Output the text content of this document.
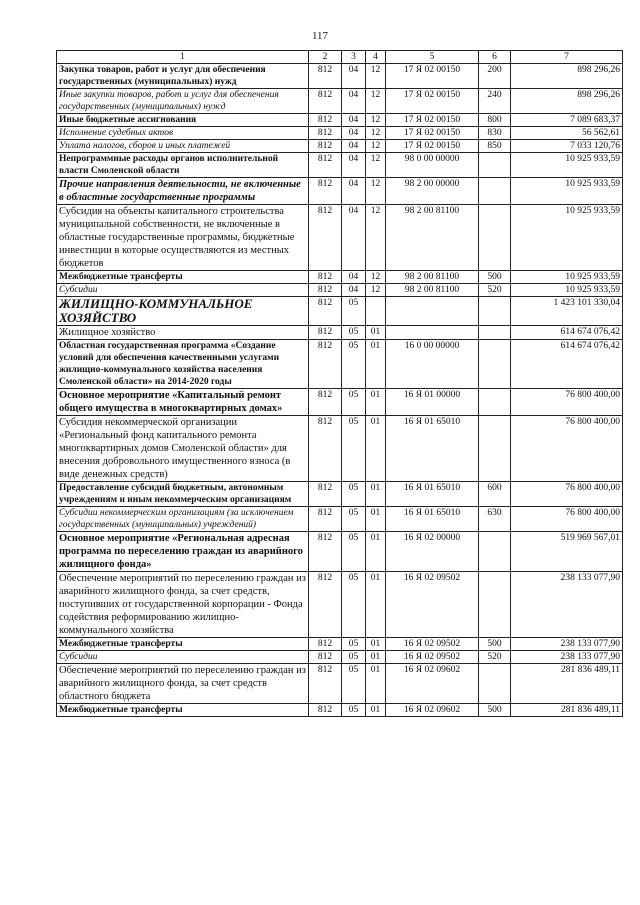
117
1	2	3	4	5	6	7
Закупка товаров, работ и услуг для обеспечения государственных (муниципальных) нужд	812	04	12	17 Я 02 00150	200	898 296,26
Иные закупки товаров, работ и услуг для обеспечения государственных (муниципальных) нужд	812	04	12	17 Я 02 00150	240	898 296,26
Иные бюджетные ассигнования	812	04	12	17 Я 02 00150	800	7 089 683,37
Исполнение судебных актов	812	04	12	17 Я 02 00150	830	56 562,61
Уплата налогов, сборов и иных платежей	812	04	12	17 Я 02 00150	850	7 033 120,76
Непрограммные расходы органов исполнительной власти Смоленской области	812	04	12	98 0 00 00000		10 925 933,59
Прочие направления деятельности, не включенные в областные государственные программы	812	04	12	98 2 00 00000		10 925 933,59
Субсидия на объекты капитального строительства муниципальной собственности, не включенные в областные государственные программы, бюджетные инвестиции в которые осуществляются из местных бюджетов	812	04	12	98 2 00 81100		10 925 933,59
Межбюджетные трансферты	812	04	12	98 2 00 81100	500	10 925 933,59
Субсидии	812	04	12	98 2 00 81100	520	10 925 933,59
ЖИЛИЩНО-КОММУНАЛЬНОЕ ХОЗЯЙСТВО	812	05				1 423 101 330,04
Жилищное хозяйство	812	05	01			614 674 076,42
Областная государственная программа «Создание условий для обеспечения качественными услугами жилищно-коммунального хозяйства населения Смоленской области» на 2014-2020 годы	812	05	01	16 0 00 00000		614 674 076,42
Основное мероприятие «Капитальный ремонт общего имущества в многоквартирных домах»	812	05	01	16 Я 01 00000		76 800 400,00
Субсидия некоммерческой организации «Региональный фонд капитального ремонта многоквартирных домов Смоленской области» для внесения добровольного имущественного взноса (в виде денежных средств)	812	05	01	16 Я 01 65010		76 800 400,00
Предоставление субсидий бюджетным, автономным учреждениям и иным некоммерческим организациям	812	05	01	16 Я 01 65010	600	76 800 400,00
Субсидии некоммерческим организациям (за исключением государственных (муниципальных) учреждений)	812	05	01	16 Я 01 65010	630	76 800 400,00
Основное мероприятие «Региональная адресная программа по переселению граждан из аварийного жилищного фонда»	812	05	01	16 Я 02 00000		519 969 567,01
Обеспечение мероприятий по переселению граждан из аварийного жилищного фонда, за счет средств, поступивших от государственной корпорации - Фонда содействия реформированию жилищно-коммунального хозяйства	812	05	01	16 Я 02 09502		238 133 077,90
Межбюджетные трансферты	812	05	01	16 Я 02 09502	500	238 133 077,90
Субсидии	812	05	01	16 Я 02 09502	520	238 133 077,90
Обеспечение мероприятий по переселению граждан из аварийного жилищного фонда, за счет средств областного бюджета	812	05	01	16 Я 02 09602		281 836 489,11
Межбюджетные трансферты	812	05	01	16 Я 02 09602	500	281 836 489,11
